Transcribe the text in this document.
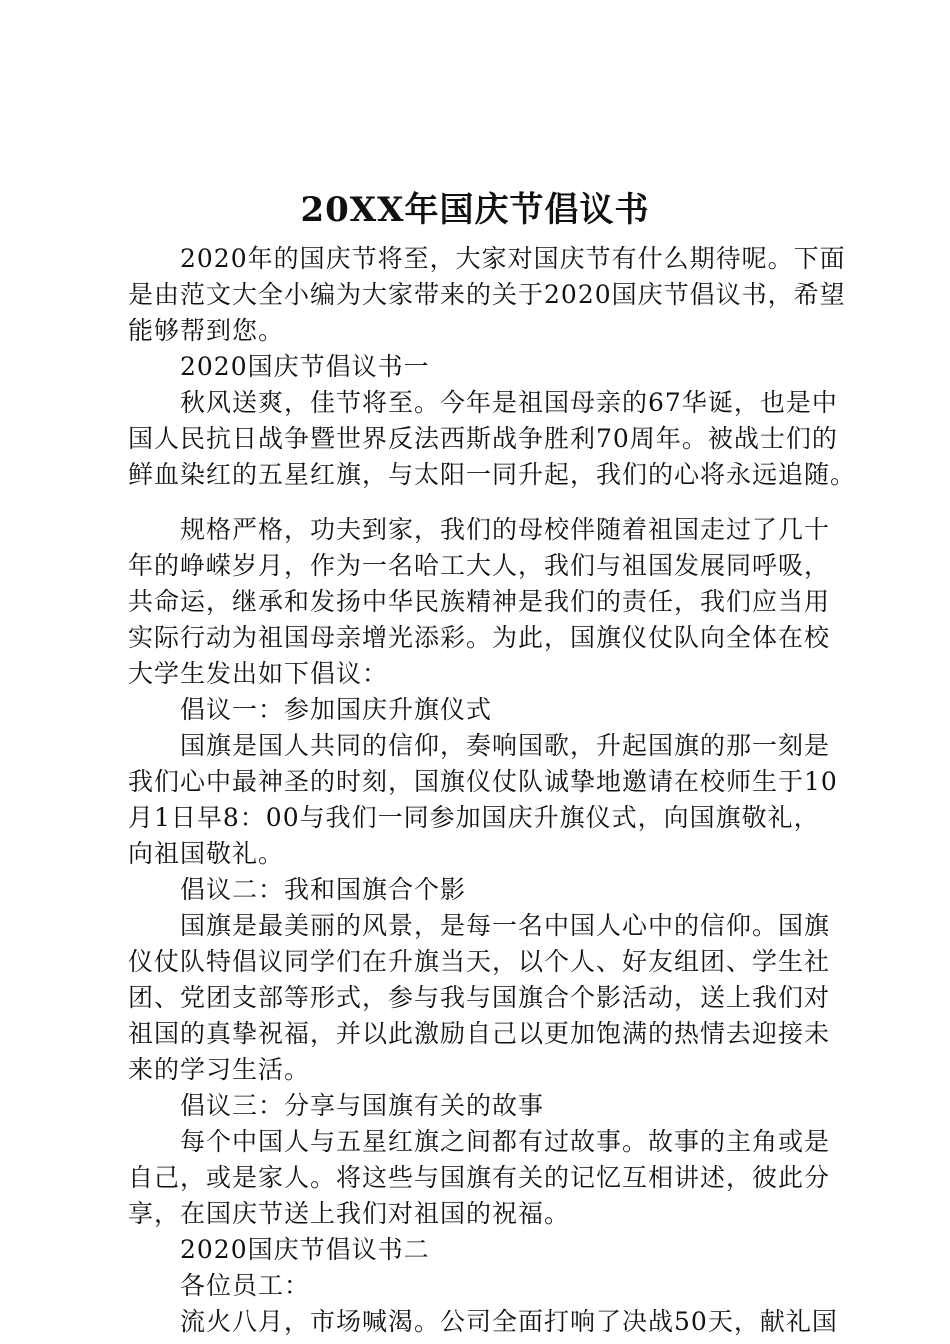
20XX年国庆节倡议书
2020年的国庆节将至，大家对国庆节有什么期待呢。下面
是由范文大全小编为大家带来的关于2020国庆节倡议书，希望
能够帮到您。
2020国庆节倡议书一
秋风送爽，佳节将至。今年是祖国母亲的67华诞，也是中
国人民抗日战争暨世界反法西斯战争胜利70周年。被战士们的
鲜血染红的五星红旗，与太阳一同升起，我们的心将永远追随。
规格严格，功夫到家，我们的母校伴随着祖国走过了几十
年的峥嵘岁月，作为一名哈工大人，我们与祖国发展同呼吸，
共命运，继承和发扬中华民族精神是我们的责任，我们应当用
实际行动为祖国母亲增光添彩。为此，国旗仪仗队向全体在校
大学生发出如下倡议：
倡议一：参加国庆升旗仪式
国旗是国人共同的信仰，奏响国歌，升起国旗的那一刻是
我们心中最神圣的时刻，国旗仪仗队诚挚地邀请在校师生于10
月1日早8：00与我们一同参加国庆升旗仪式，向国旗敬礼，
向祖国敬礼。
倡议二：我和国旗合个影
国旗是最美丽的风景，是每一名中国人心中的信仰。国旗
仪仗队特倡议同学们在升旗当天，以个人、好友组团、学生社
团、党团支部等形式，参与我与国旗合个影活动，送上我们对
祖国的真挚祝福，并以此激励自己以更加饱满的热情去迎接未
来的学习生活。
倡议三：分享与国旗有关的故事
每个中国人与五星红旗之间都有过故事。故事的主角或是
自己，或是家人。将这些与国旗有关的记忆互相讲述，彼此分
享，在国庆节送上我们对祖国的祝福。
2020国庆节倡议书二
各位员工：
流火八月，市场喊渴。公司全面打响了决战50天，献礼国
